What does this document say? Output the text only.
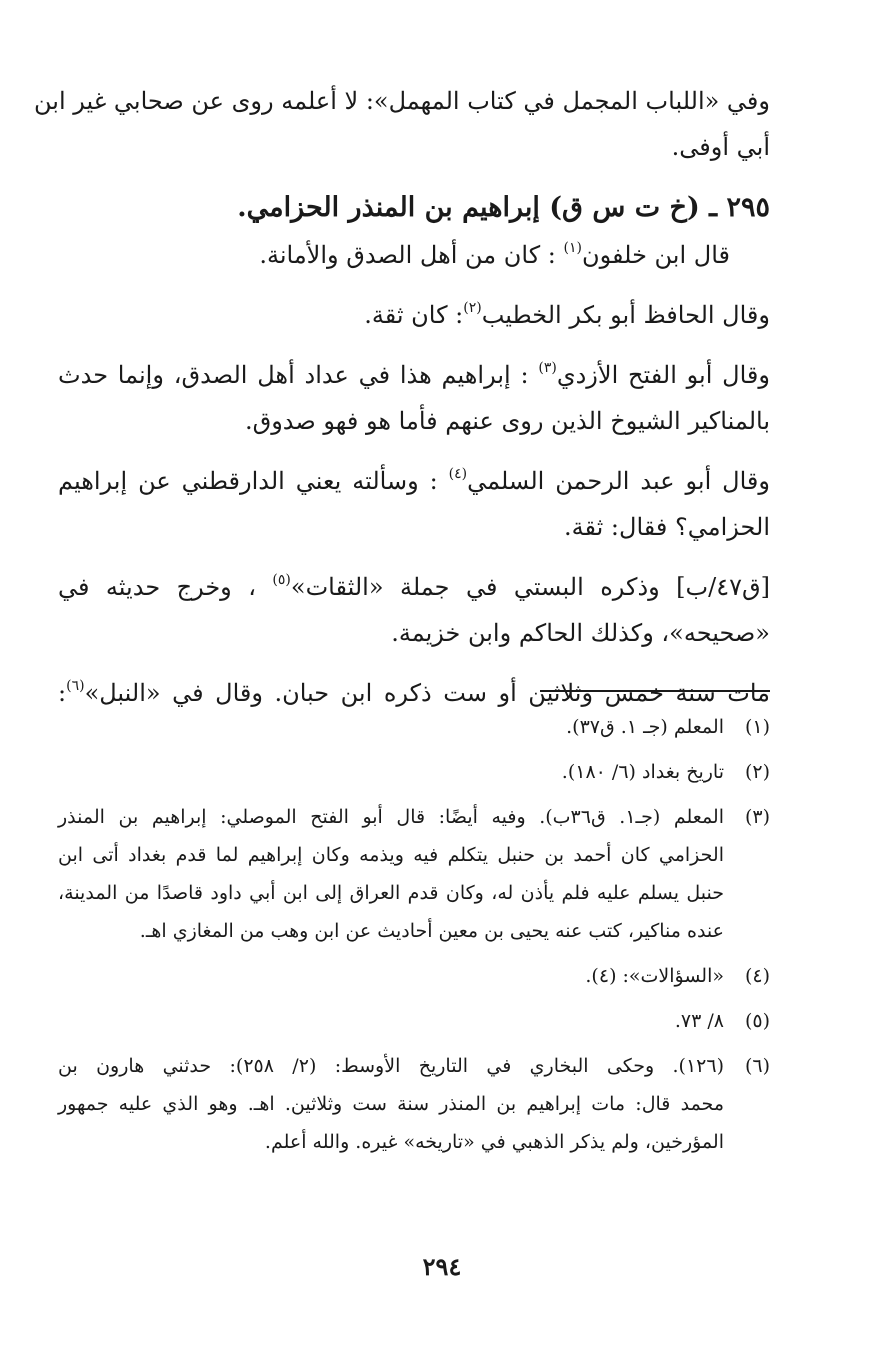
وفي «اللباب المجمل في كتاب المهمل»: لا أعلمه روى عن صحابي غير ابن
أبي أوفى.
٢٩٥ ـ (خ ت س ق) إبراهيم بن المنذر الحزامي.
قال ابن خلفون$^{(١)}$ : كان من أهل الصدق والأمانة.
وقال الحافظ أبو بكر الخطيب$^{(٢)}$: كان ثقة.
وقال أبو الفتح الأزدي$^{(٣)}$ : إبراهيم هذا في عداد أهل الصدق، وإنما حدث
بالمناكير الشيوخ الذين روى عنهم فأما هو فهو صدوق.
وقال أبو عبد الرحمن السلمي$^{(٤)}$ : وسألته يعني الدارقطني عن إبراهيم
الحزامي؟ فقال: ثقة.
[ق٤٧/ب] وذكره البستي في جملة «الثقات»$^{(٥)}$ ، وخرج حديثه في
«صحيحه»، وكذلك الحاكم وابن خزيمة.
مات سنة خمس وثلاثين أو ست ذكره ابن حبان. وقال في «النبل»$^{(٦)}$:
(١)
المعلم (جـ ١. ق٣٧).
(٢)
تاريخ بغداد (٦/ ١٨٠).
(٣)
المعلم (جـ١. ق٣٦ب). وفيه أيضًا: قال أبو الفتح الموصلي: إبراهيم بن المنذر
الحزامي كان أحمد بن حنبل يتكلم فيه ويذمه وكان إبراهيم لما قدم بغداد أتى ابن
حنبل يسلم عليه فلم يأذن له، وكان قدم العراق إلى ابن أبي داود قاصدًا من المدينة،
عنده مناكير، كتب عنه يحيى بن معين أحاديث عن ابن وهب من المغازي اهـ.
(٤)
«السؤالات»: (٤).
(٥)
٨/ ٧٣.
(٦)
(١٢٦). وحكى البخاري في التاريخ الأوسط: (٢/ ٢٥٨): حدثني هارون بن
محمد قال: مات إبراهيم بن المنذر سنة ست وثلاثين. اهـ. وهو الذي عليه جمهور
المؤرخين، ولم يذكر الذهبي في «تاريخه» غيره. والله أعلم.
٢٩٤
